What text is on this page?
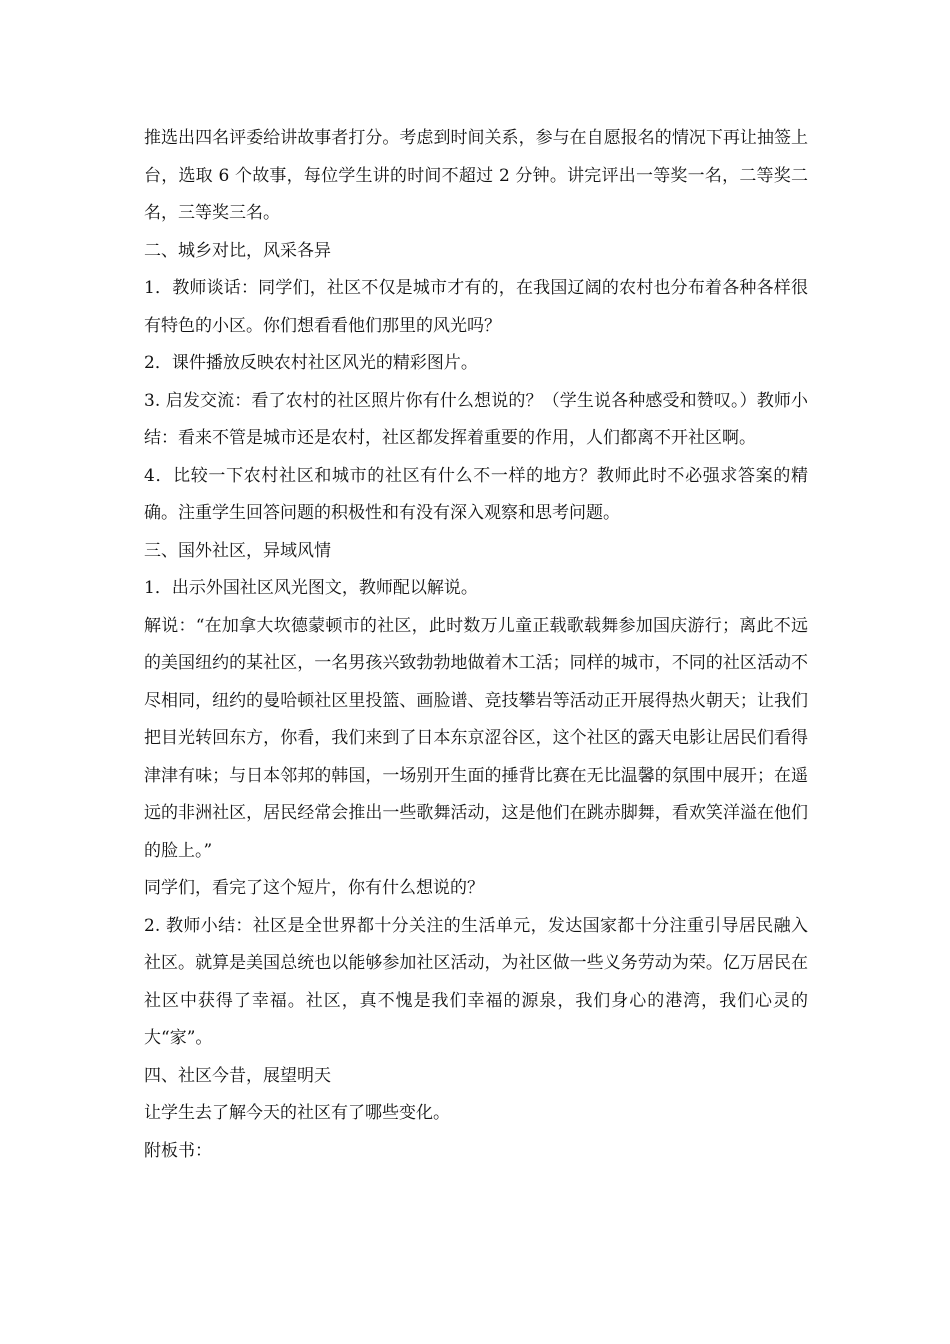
推选出四名评委给讲故事者打分。考虑到时间关系，参与在自愿报名的情况下再让抽签上台，选取 6 个故事，每位学生讲的时间不超过 2 分钟。讲完评出一等奖一名，二等奖二名，三等奖三名。

二、城乡对比，风采各异

1．教师谈话：同学们，社区不仅是城市才有的，在我国辽阔的农村也分布着各种各样很有特色的小区。你们想看看他们那里的风光吗？

2．课件播放反映农村社区风光的精彩图片。

3. 启发交流：看了农村的社区照片你有什么想说的？（学生说各种感受和赞叹。）教师小结：看来不管是城市还是农村，社区都发挥着重要的作用，人们都离不开社区啊。

4．比较一下农村社区和城市的社区有什么不一样的地方？教师此时不必强求答案的精确。注重学生回答问题的积极性和有没有深入观察和思考问题。

三、国外社区，异域风情

1．出示外国社区风光图文，教师配以解说。

解说：“在加拿大坎德蒙顿市的社区，此时数万儿童正载歌载舞参加国庆游行；离此不远的美国纽约的某社区，一名男孩兴致勃勃地做着木工活；同样的城市，不同的社区活动不尽相同，纽约的曼哈顿社区里投篮、画脸谱、竞技攀岩等活动正开展得热火朝天；让我们把目光转回东方，你看，我们来到了日本东京涩谷区，这个社区的露天电影让居民们看得津津有味；与日本邻邦的韩国，一场别开生面的捶背比赛在无比温馨的氛围中展开；在遥远的非洲社区，居民经常会推出一些歌舞活动，这是他们在跳赤脚舞，看欢笑洋溢在他们的脸上。”

同学们，看完了这个短片，你有什么想说的？

2. 教师小结：社区是全世界都十分关注的生活单元，发达国家都十分注重引导居民融入社区。就算是美国总统也以能够参加社区活动，为社区做一些义务劳动为荣。亿万居民在社区中获得了幸福。社区，真不愧是我们幸福的源泉，我们身心的港湾，我们心灵的大“家”。

四、社区今昔，展望明天

让学生去了解今天的社区有了哪些变化。

附板书：
